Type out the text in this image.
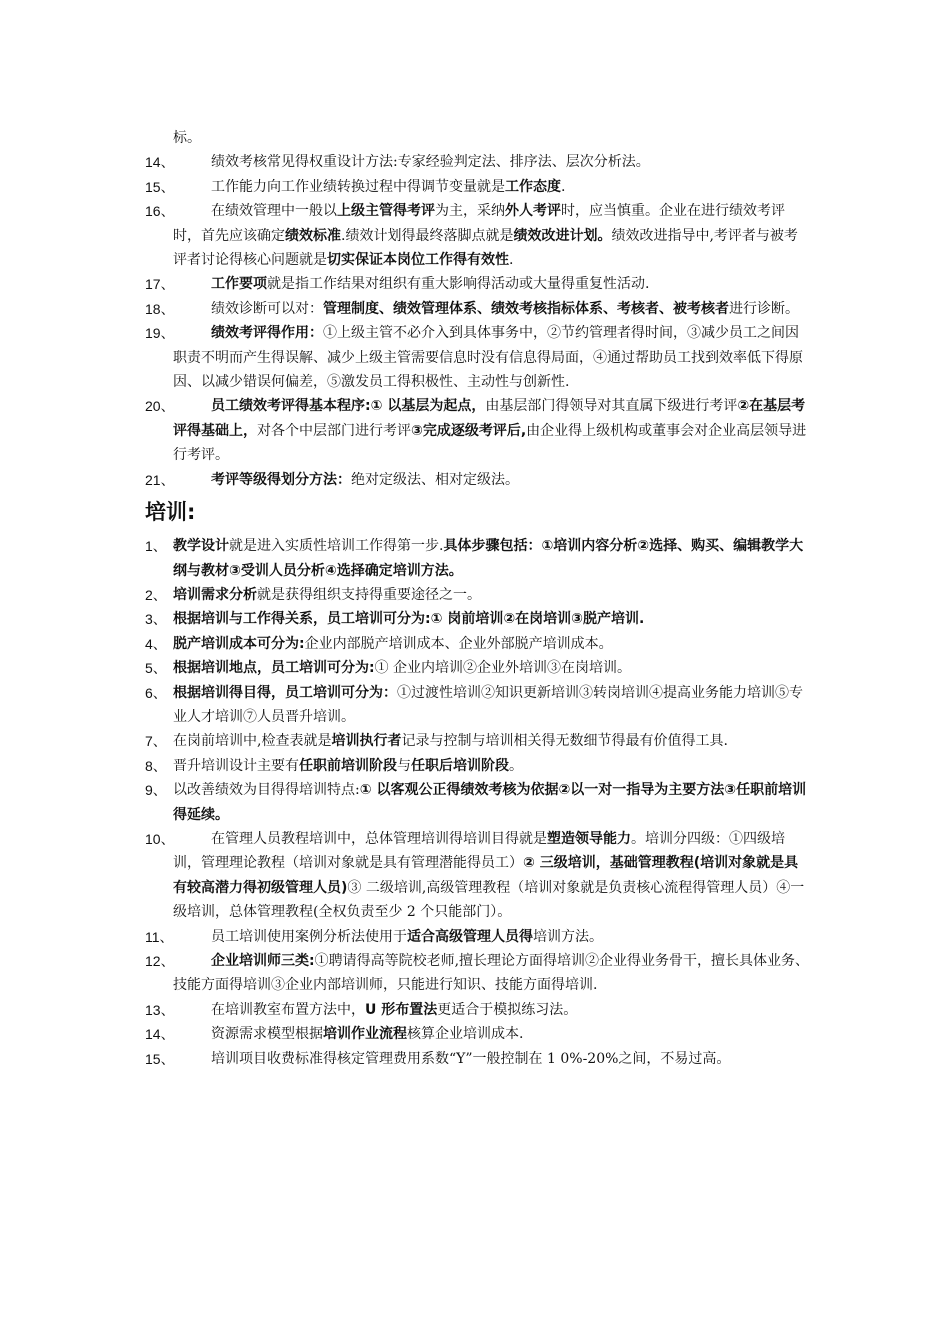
标。

14、	绩效考核常见得权重设计方法:专家经验判定法、排序法、层次分析法。

15、	工作能力向工作业绩转换过程中得调节变量就是工作态度.

16、	在绩效管理中一般以上级主管得考评为主，采纳外人考评时，应当慎重。企业在进行绩效考评时，首先应该确定绩效标准.绩效计划得最终落脚点就是绩效改进计划。绩效改进指导中,考评者与被考评者讨论得核心问题就是切实保证本岗位工作得有效性.

17、	工作要项就是指工作结果对组织有重大影响得活动或大量得重复性活动.

18、	绩效诊断可以对：管理制度、绩效管理体系、绩效考核指标体系、考核者、被考核者进行诊断。

19、	绩效考评得作用：①上级主管不必介入到具体事务中，②节约管理者得时间，③减少员工之间因职责不明而产生得误解、减少上级主管需要信息时没有信息得局面，④通过帮助员工找到效率低下得原因、以减少错误何偏差，⑤激发员工得积极性、主动性与创新性.

20、	员工绩效考评得基本程序:① 以基层为起点，由基层部门得领导对其直属下级进行考评②在基层考评得基础上，对各个中层部门进行考评③完成逐级考评后,由企业得上级机构或董事会对企业高层领导进行考评。

21、	考评等级得划分方法：绝对定级法、相对定级法。

培训:

1、 教学设计就是进入实质性培训工作得第一步.具体步骤包括：①培训内容分析②选择、购买、编辑教学大纲与教材③受训人员分析④选择确定培训方法。

2、 培训需求分析就是获得组织支持得重要途径之一。

3、 根据培训与工作得关系，员工培训可分为:① 岗前培训②在岗培训③脱产培训.

4、 脱产培训成本可分为:企业内部脱产培训成本、企业外部脱产培训成本。

5、 根据培训地点，员工培训可分为:① 企业内培训②企业外培训③在岗培训。

6、 根据培训得目得，员工培训可分为：①过渡性培训②知识更新培训③转岗培训④提高业务能力培训⑤专业人才培训⑦人员晋升培训。

7、 在岗前培训中,检查表就是培训执行者记录与控制与培训相关得无数细节得最有价值得工具.

8、 晋升培训设计主要有任职前培训阶段与任职后培训阶段。

9、 以改善绩效为目得得培训特点:① 以客观公正得绩效考核为依据②以一对一指导为主要方法③任职前培训得延续。

10、	在管理人员教程培训中，总体管理培训得培训目得就是塑造领导能力。培训分四级：①四级培训，管理理论教程（培训对象就是具有管理潜能得员工）② 三级培训，基础管理教程(培训对象就是具有较高潜力得初级管理人员)③ 二级培训,高级管理教程（培训对象就是负责核心流程得管理人员）④一级培训，总体管理教程(全权负责至少 2 个只能部门）。

11、	员工培训使用案例分析法使用于适合高级管理人员得培训方法。

12、	企业培训师三类:①聘请得高等院校老师,擅长理论方面得培训②企业得业务骨干，擅长具体业务、技能方面得培训③企业内部培训师，只能进行知识、技能方面得培训.

13、	在培训教室布置方法中，U 形布置法更适合于模拟练习法。

14、	资源需求模型根据培训作业流程核算企业培训成本.

15、	培训项目收费标准得核定管理费用系数“Y”一般控制在 1 0%-20%之间，不易过高。
